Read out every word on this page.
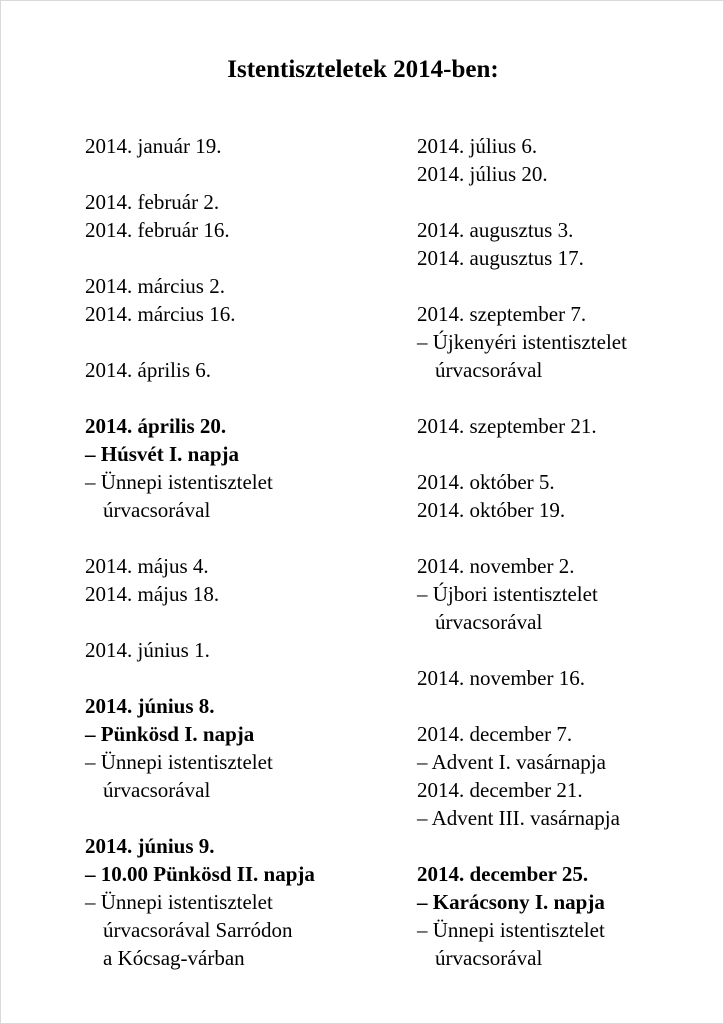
Istentiszteletek 2014-ben:
2014. január 19.
2014. február 2.
2014. február 16.
2014. március 2.
2014. március 16.
2014. április 6.
2014. április 20.
– Húsvét I. napja
– Ünnepi istentisztelet
úrvacsorával
2014. május 4.
2014. május 18.
2014. június 1.
2014. június 8.
– Pünkösd I. napja
– Ünnepi istentisztelet
úrvacsorával
2014. június 9.
– 10.00 Pünkösd II. napja
– Ünnepi istentisztelet
úrvacsorával Sarródon
a Kócsag-várban
2014. július 6.
2014. július 20.
2014. augusztus 3.
2014. augusztus 17.
2014. szeptember 7.
– Újkenyéri istentisztelet
úrvacsorával
2014. szeptember 21.
2014. október 5.
2014. október 19.
2014. november 2.
– Újbori istentisztelet
úrvacsorával
2014. november 16.
2014. december 7.
– Advent I. vasárnapja
2014. december 21.
– Advent III. vasárnapja
2014. december 25.
– Karácsony I. napja
– Ünnepi istentisztelet
úrvacsorával
